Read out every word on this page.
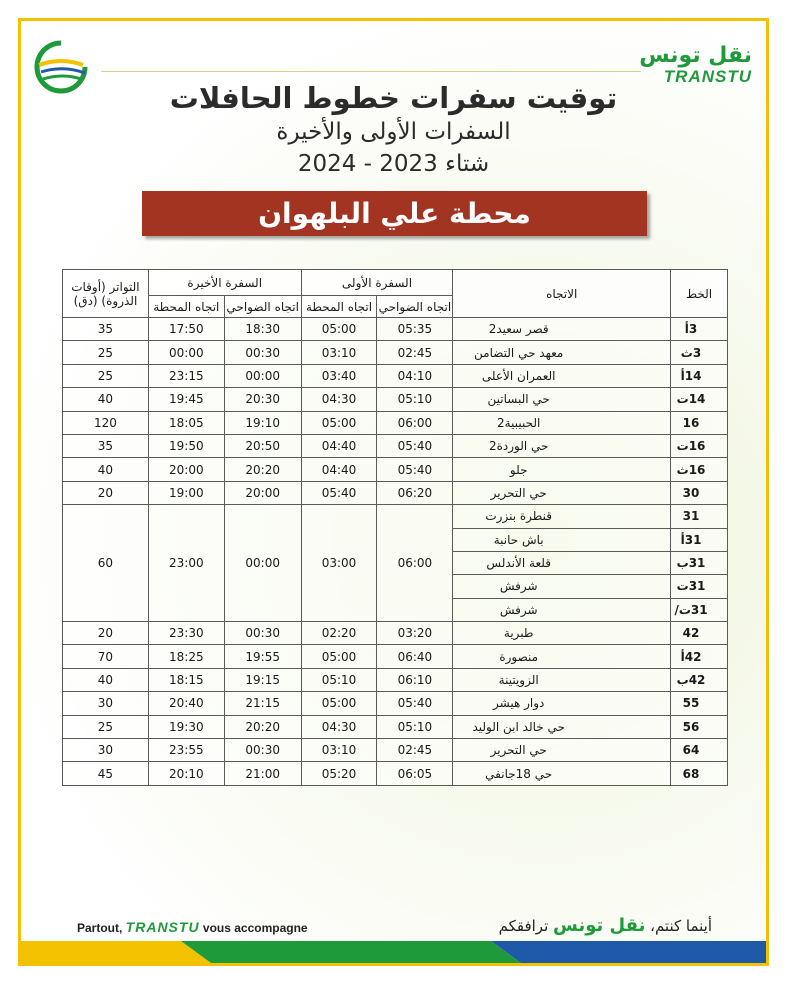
نقل تونس
TRANSTU
توقيت سفرات خطوط الحافلات
السفرات الأولى والأخيرة
شتاء 2023 - 2024
محطة علي البلهوان
الخط	الاتجاه	السفرة الأولى		السفرة الأخيرة		التواتر (أوقات الذروة) (دق)
		اتجاه الضواحي	اتجاه المحطة	اتجاه الضواحي	اتجاه المحطة	
3أ	قصر سعيد2	05:35	05:00	18:30	17:50	35
3ث	معهد حي التضامن	02:45	03:10	00:30	00:00	25
14أ	العمران الأعلى	04:10	03:40	00:00	23:15	25
14ت	حي البساتين	05:10	04:30	20:30	19:45	40
16	الحبيبية2	06:00	05:00	19:10	18:05	120
16ت	حي الوردة2	05:40	04:40	20:50	19:50	35
16ث	جلو	05:40	04:40	20:20	20:00	40
30	حي التحرير	06:20	05:40	20:00	19:00	20
31	قنطرة بنزرت	06:00	03:00	00:00	23:00	60
31أ	باش حانبة					
31ب	قلعة الأندلس					
31ت	شرفش					
31ت/	شرفش					
42	طبرية	03:20	02:20	00:30	23:30	20
42أ	منصورة	06:40	05:00	19:55	18:25	70
42ب	الزويتينة	06:10	05:10	19:15	18:15	40
55	دوار هيشر	05:40	05:00	21:15	20:40	30
56	حي خالد ابن الوليد	05:10	04:30	20:20	19:30	25
64	حي التحرير	02:45	03:10	00:30	23:55	30
68	حي 18جانفي	06:05	05:20	21:00	20:10	45
Partout, TRANSTU vous accompagne	أينما كنتم، نقل تونس ترافقكم
